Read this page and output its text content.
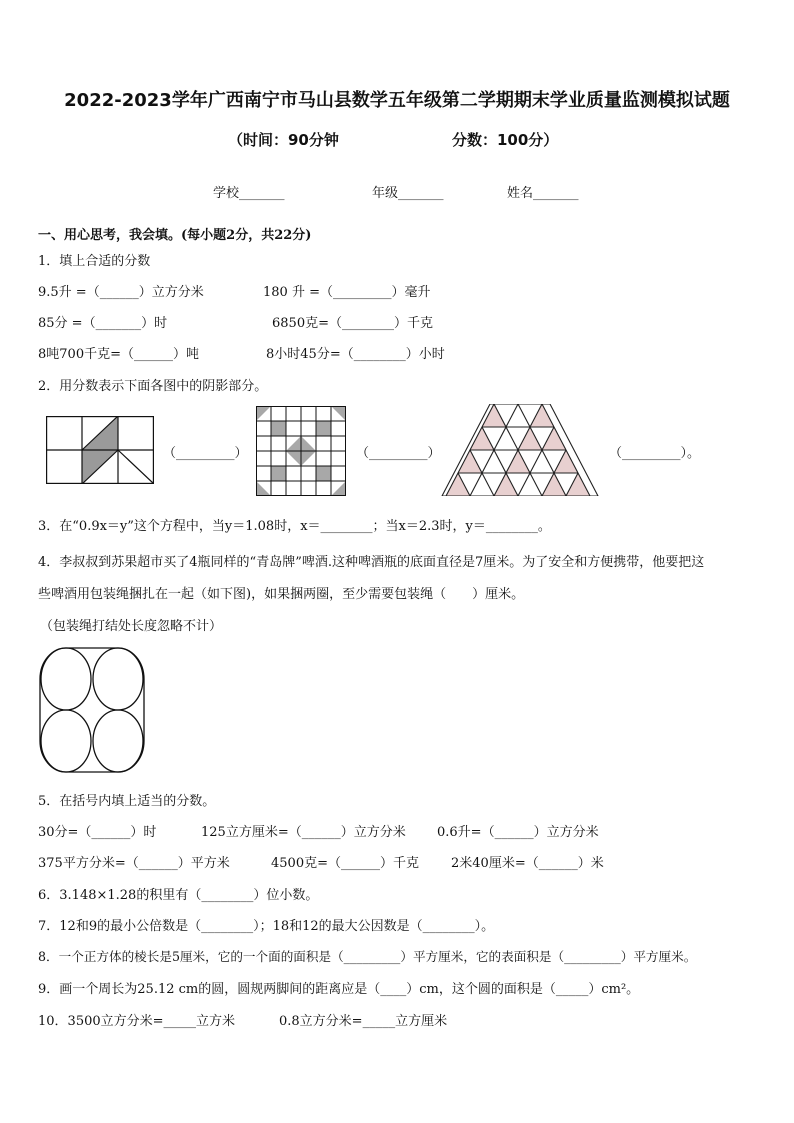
2022-2023学年广西南宁市马山县数学五年级第二学期期末学业质量监测模拟试题
（时间：90分钟	分数：100分）
学校_______	年级_______	姓名_______
一、用心思考，我会填。(每小题2分，共22分)
1．填上合适的分数
9.5升 =（______）立方分米	180 升 =（_________）毫升
85分 =（_______）时	6850克=（________）千克
8吨700千克=（______）吨	8小时45分=（________）小时
2．用分数表示下面各图中的阴影部分。
（_________）	（_________）	（_________）。
3．在“0.9x＝y”这个方程中，当y＝1.08时，x＝________；当x＝2.3时，y＝________。
4．李叔叔到苏果超市买了4瓶同样的“青岛牌”啤酒.这种啤酒瓶的底面直径是7厘米。为了安全和方便携带，他要把这
些啤酒用包装绳捆扎在一起（如下图)，如果捆两圈，至少需要包装绳（　　）厘米。
（包装绳打结处长度忽略不计）
5．在括号内填上适当的分数。
30分=（______）时	125立方厘米=（______）立方分米 0.6升=（______）立方分米
375平方分米=（______）平方米	4500克=（______）千克 2米40厘米=（______）米
6．3.148×1.28的积里有（________）位小数。
7．12和9的最小公倍数是（________）；18和12的最大公因数是（________）。
8．一个正方体的棱长是5厘米，它的一个面的面积是（_________）平方厘米，它的表面积是（_________）平方厘米。
9．画一个周长为25.12 cm的圆，圆规两脚间的距离应是（____）cm，这个圆的面积是（_____）cm²。
10．3500立方分米=_____立方米	0.8立方分米=_____立方厘米
